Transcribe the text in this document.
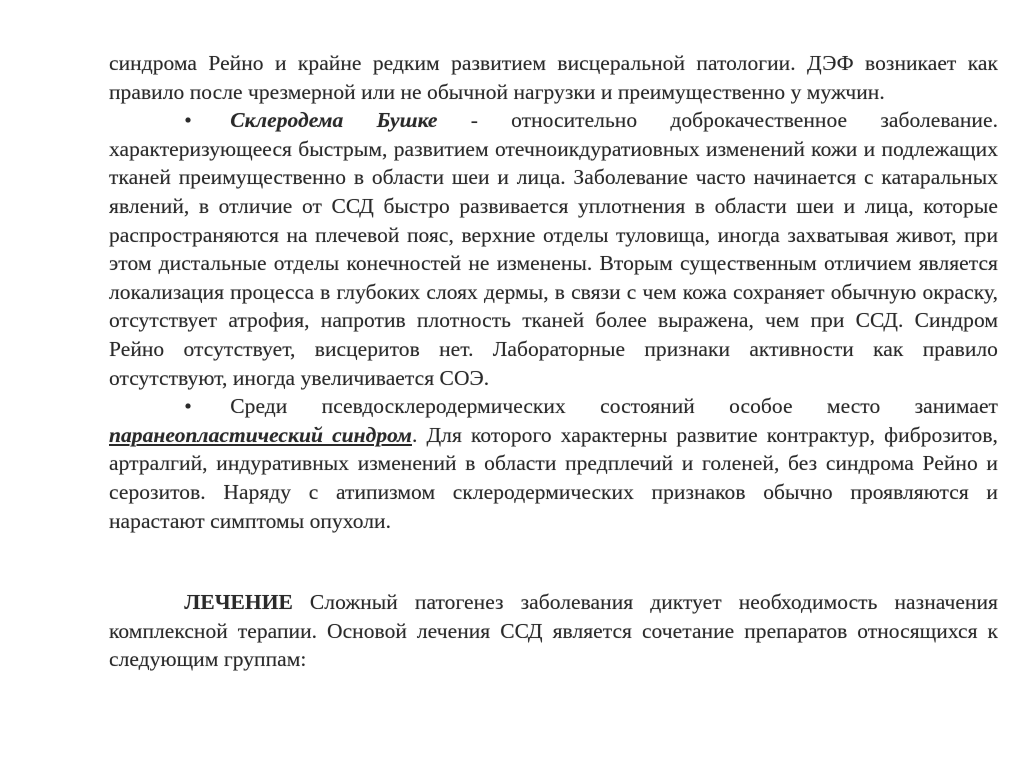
синдрома Рейно и крайне редким развитием висцеральной патологии. ДЭФ возникает как правило после чрезмерной или не обычной нагрузки и преимущественно у мужчин.

• Склеродема Бушке - относительно доброкачественное заболевание. характеризующееся быстрым, развитием отечноикдуратиовных изменений кожи и подлежащих тканей преимущественно в области шеи и лица. Заболевание часто начинается с катаральных явлений, в отличие от ССД быстро развивается уплотнения в области шеи и лица, которые распространяются на плечевой пояс, верхние отделы туловища, иногда захватывая живот, при этом дистальные отделы конечностей не изменены. Вторым существенным отличием является локализация процесса в глубоких слоях дермы, в связи с чем кожа сохраняет обычную окраску, отсутствует атрофия, напротив плотность тканей более выражена, чем при ССД. Синдром Рейно отсутствует, висцеритов нет. Лабораторные признаки активности как правило отсутствуют, иногда увеличивается СОЭ.

• Среди псевдосклеродермических состояний особое место занимает паранеопластический синдром. Для которого характерны развитие контрактур, фиброзитов, артралгий, индуративных изменений в области предплечий и голеней, без синдрома Рейно и серозитов. Наряду с атипизмом склеродермических признаков обычно проявляются и нарастают симптомы опухоли.

ЛЕЧЕНИЕ Сложный патогенез заболевания диктует необходимость назначения комплексной терапии. Основой лечения ССД является сочетание препаратов относящихся к следующим группам:
